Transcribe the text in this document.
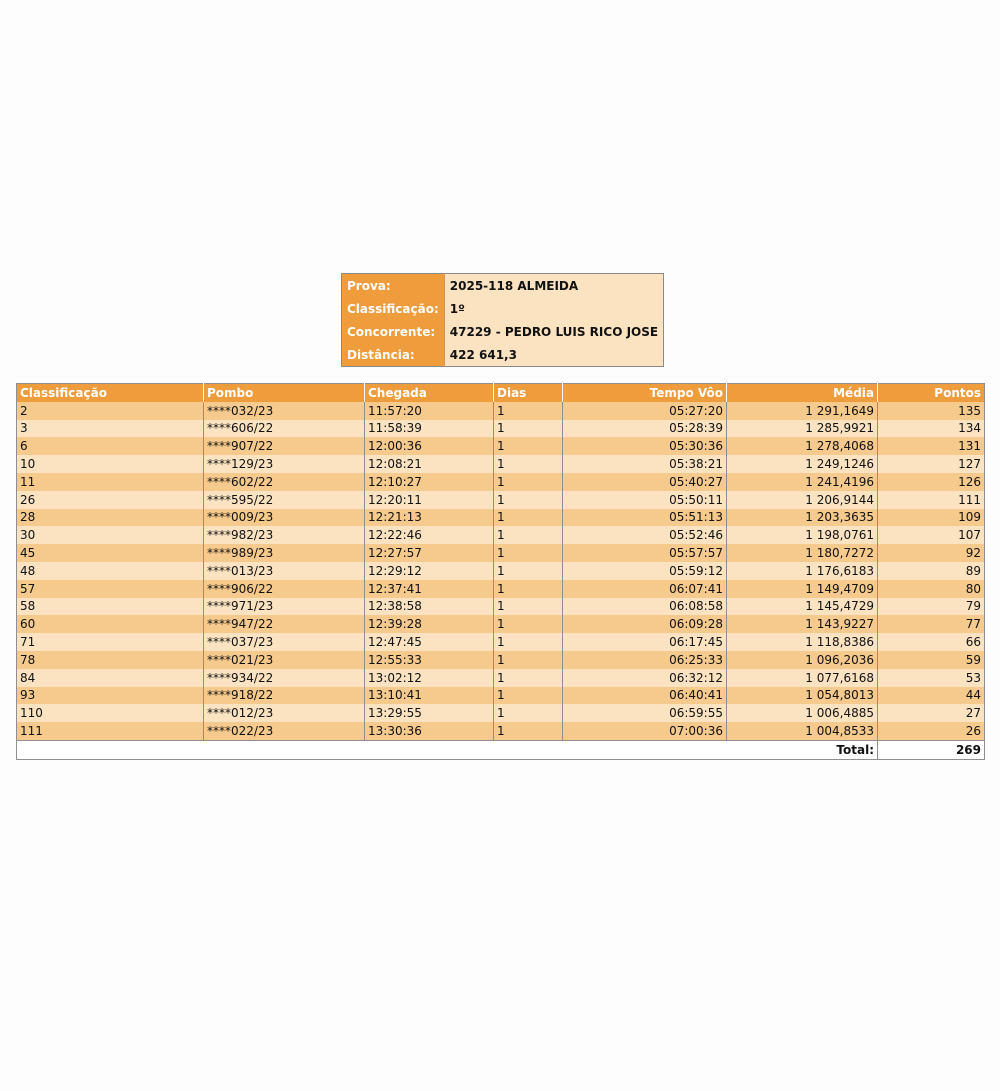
Prova:	2025-118 ALMEIDA
Classificação:	1º
Concorrente:	47229 - PEDRO LUIS RICO JOSE
Distância:	422 641,3
Classificação	Pombo	Chegada	Dias	Tempo Vôo	Média	Pontos
2	****032/23	11:57:20	1	05:27:20	1 291,1649	135
3	****606/22	11:58:39	1	05:28:39	1 285,9921	134
6	****907/22	12:00:36	1	05:30:36	1 278,4068	131
10	****129/23	12:08:21	1	05:38:21	1 249,1246	127
11	****602/22	12:10:27	1	05:40:27	1 241,4196	126
26	****595/22	12:20:11	1	05:50:11	1 206,9144	111
28	****009/23	12:21:13	1	05:51:13	1 203,3635	109
30	****982/23	12:22:46	1	05:52:46	1 198,0761	107
45	****989/23	12:27:57	1	05:57:57	1 180,7272	92
48	****013/23	12:29:12	1	05:59:12	1 176,6183	89
57	****906/22	12:37:41	1	06:07:41	1 149,4709	80
58	****971/23	12:38:58	1	06:08:58	1 145,4729	79
60	****947/22	12:39:28	1	06:09:28	1 143,9227	77
71	****037/23	12:47:45	1	06:17:45	1 118,8386	66
78	****021/23	12:55:33	1	06:25:33	1 096,2036	59
84	****934/22	13:02:12	1	06:32:12	1 077,6168	53
93	****918/22	13:10:41	1	06:40:41	1 054,8013	44
110	****012/23	13:29:55	1	06:59:55	1 006,4885	27
111	****022/23	13:30:36	1	07:00:36	1 004,8533	26
Total:						269
